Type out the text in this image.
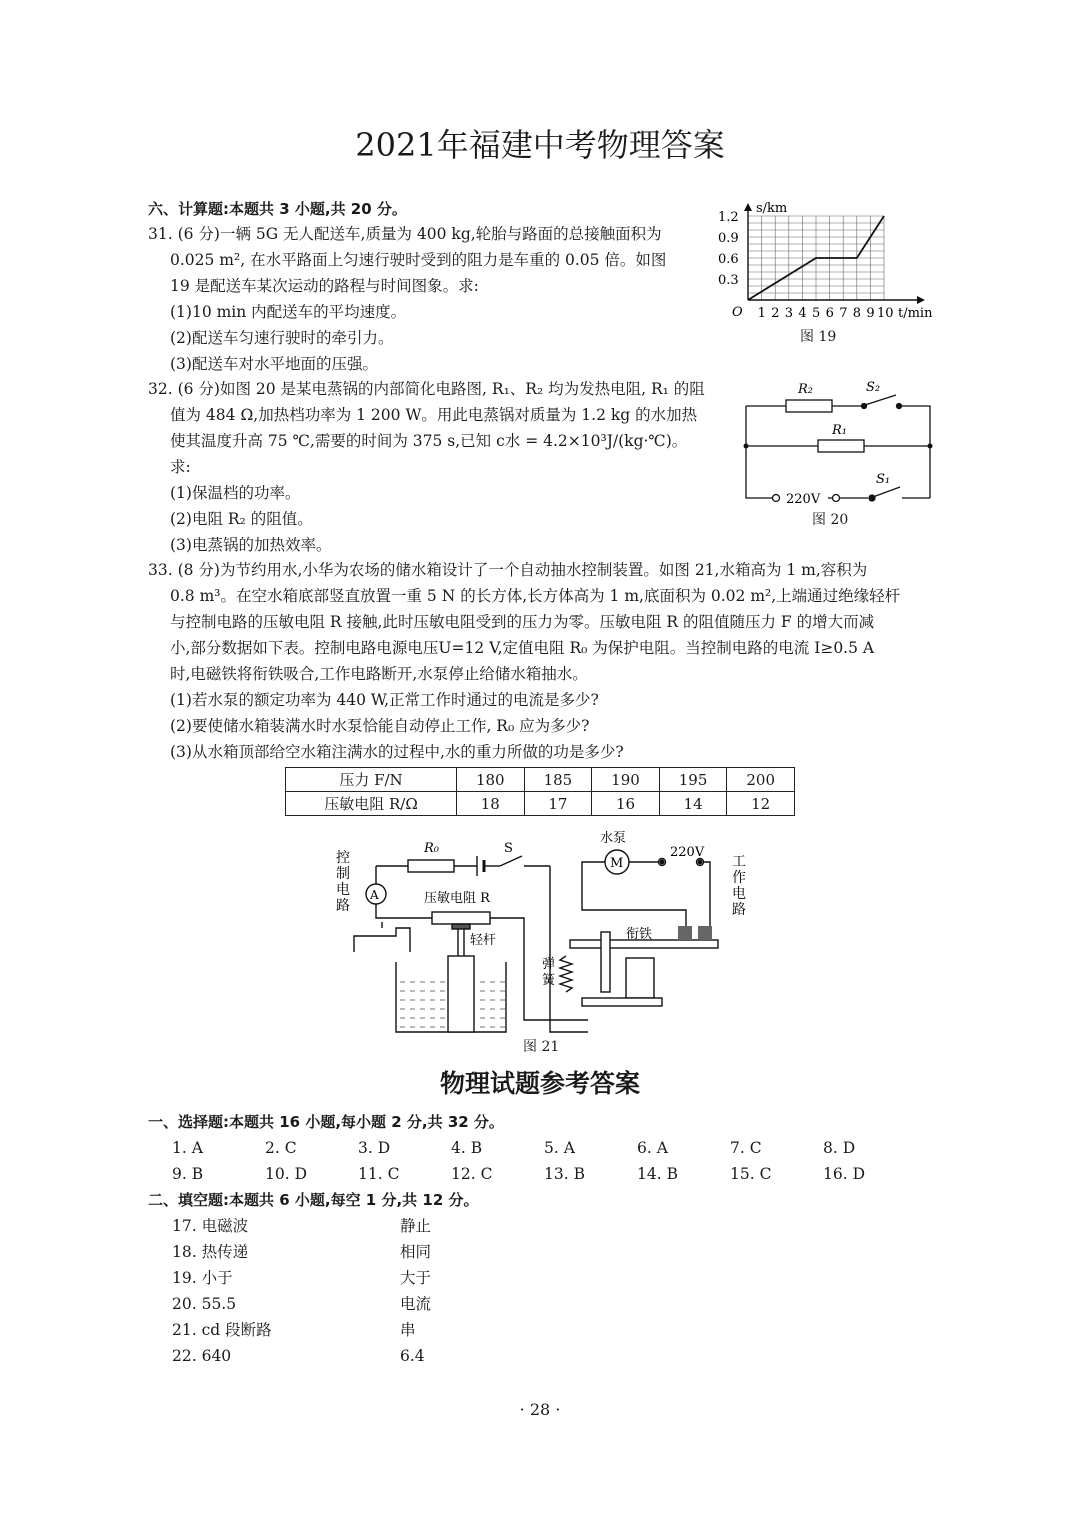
2021年福建中考物理答案
六、计算题:本题共 3 小题,共 20 分。
31. (6 分)一辆 5G 无人配送车,质量为 400 kg,轮胎与路面的总接触面积为
0.025 m², 在水平路面上匀速行驶时受到的阻力是车重的 0.05 倍。如图
19 是配送车某次运动的路程与时间图象。求:
(1)10 min 内配送车的平均速度。
(2)配送车匀速行驶时的牵引力。
(3)配送车对水平地面的压强。
1.2
0.9
0.6
0.3
1 2 3 4 5 6 7 8 9 10
s/km
t/min
O
图 19
32. (6 分)如图 20 是某电蒸锅的内部简化电路图, R₁、R₂ 均为发热电阻, R₁ 的阻
值为 484 Ω,加热档功率为 1 200 W。用此电蒸锅对质量为 1.2 kg 的水加热
使其温度升高 75 ℃,需要的时间为 375 s,已知 c水 = 4.2×10³J/(kg·℃)。
求:
(1)保温档的功率。
(2)电阻 R₂ 的阻值。
(3)电蒸锅的加热效率。
R₂	S₂
R₁
S₁
220V
图 20
33. (8 分)为节约用水,小华为农场的储水箱设计了一个自动抽水控制装置。如图 21,水箱高为 1 m,容积为
0.8 m³。在空水箱底部竖直放置一重 5 N 的长方体,长方体高为 1 m,底面积为 0.02 m²,上端通过绝缘轻杆
与控制电路的压敏电阻 R 接触,此时压敏电阻受到的压力为零。压敏电阻 R 的阻值随压力 F 的增大而减
小,部分数据如下表。控制电路电源电压U=12 V,定值电阻 R₀ 为保护电阻。当控制电路的电流 I≥0.5 A
时,电磁铁将衔铁吸合,工作电路断开,水泵停止给储水箱抽水。
(1)若水泵的额定功率为 440 W,正常工作时通过的电流是多少?
(2)要使储水箱装满水时水泵恰能自动停止工作, R₀ 应为多少?
(3)从水箱顶部给空水箱注满水的过程中,水的重力所做的功是多少?
压力 F/N	180	185	190	195	200
压敏电阻 R/Ω	18	17	16	14	12
M
A
R₀	S
水泵
220V
压敏电阻 R
轻杆	衔铁
控制电路
工作电路
弹簧
图 21
物理试题参考答案
一、选择题:本题共 16 小题,每小题 2 分,共 32 分。
1. A	2. C	3. D	4. B	5. A	6. A	7. C	8. D
9. B	10. D	11. C	12. C	13. B	14. B	15. C	16. D
二、填空题:本题共 6 小题,每空 1 分,共 12 分。
17. 电磁波	静止
18. 热传递	相同
19. 小于	大于
20. 55.5	电流
21. cd 段断路	串
22. 640	6.4
· 28 ·
